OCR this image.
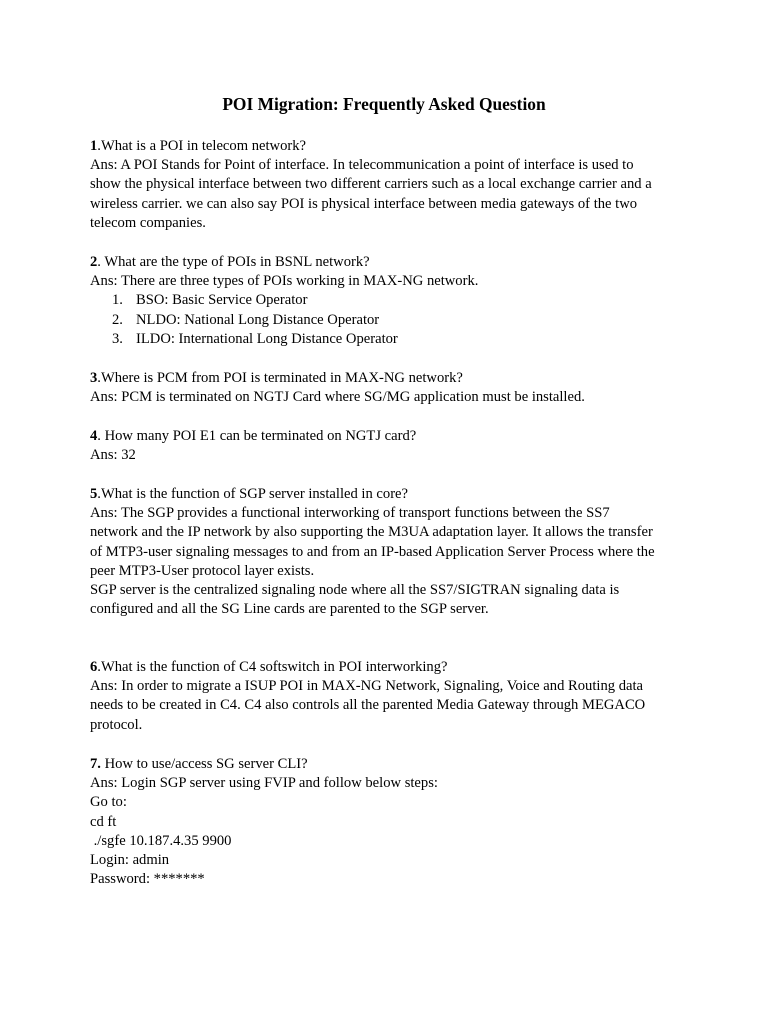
POI Migration: Frequently Asked Question
1.What is a POI in telecom network?
Ans: A POI Stands for Point of interface. In telecommunication a point of interface is used to
show the physical interface between two different carriers such as a local exchange carrier and a
wireless carrier. we can also say POI is physical interface between media gateways of the two
telecom companies.
2. What are the type of POIs in BSNL network?
Ans: There are three types of POIs working in MAX-NG network.
1. BSO: Basic Service Operator
2. NLDO: National Long Distance Operator
3. ILDO: International Long Distance Operator
3.Where is PCM from POI is terminated in MAX-NG network?
Ans: PCM is terminated on NGTJ Card where SG/MG application must be installed.
4. How many POI E1 can be terminated on NGTJ card?
Ans: 32
5.What is the function of SGP server installed in core?
Ans: The SGP provides a functional interworking of transport functions between the SS7
network and the IP network by also supporting the M3UA adaptation layer. It allows the transfer
of MTP3-user signaling messages to and from an IP-based Application Server Process where the
peer MTP3-User protocol layer exists.
SGP server is the centralized signaling node where all the SS7/SIGTRAN signaling data is
configured and all the SG Line cards are parented to the SGP server.
6.What is the function of C4 softswitch in POI interworking?
Ans: In order to migrate a ISUP POI in MAX-NG Network, Signaling, Voice and Routing data
needs to be created in C4. C4 also controls all the parented Media Gateway through MEGACO
protocol.
7. How to use/access SG server CLI?
Ans: Login SGP server using FVIP and follow below steps:
Go to:
cd ft
./sgfe 10.187.4.35 9900
Login: admin
Password: *******
